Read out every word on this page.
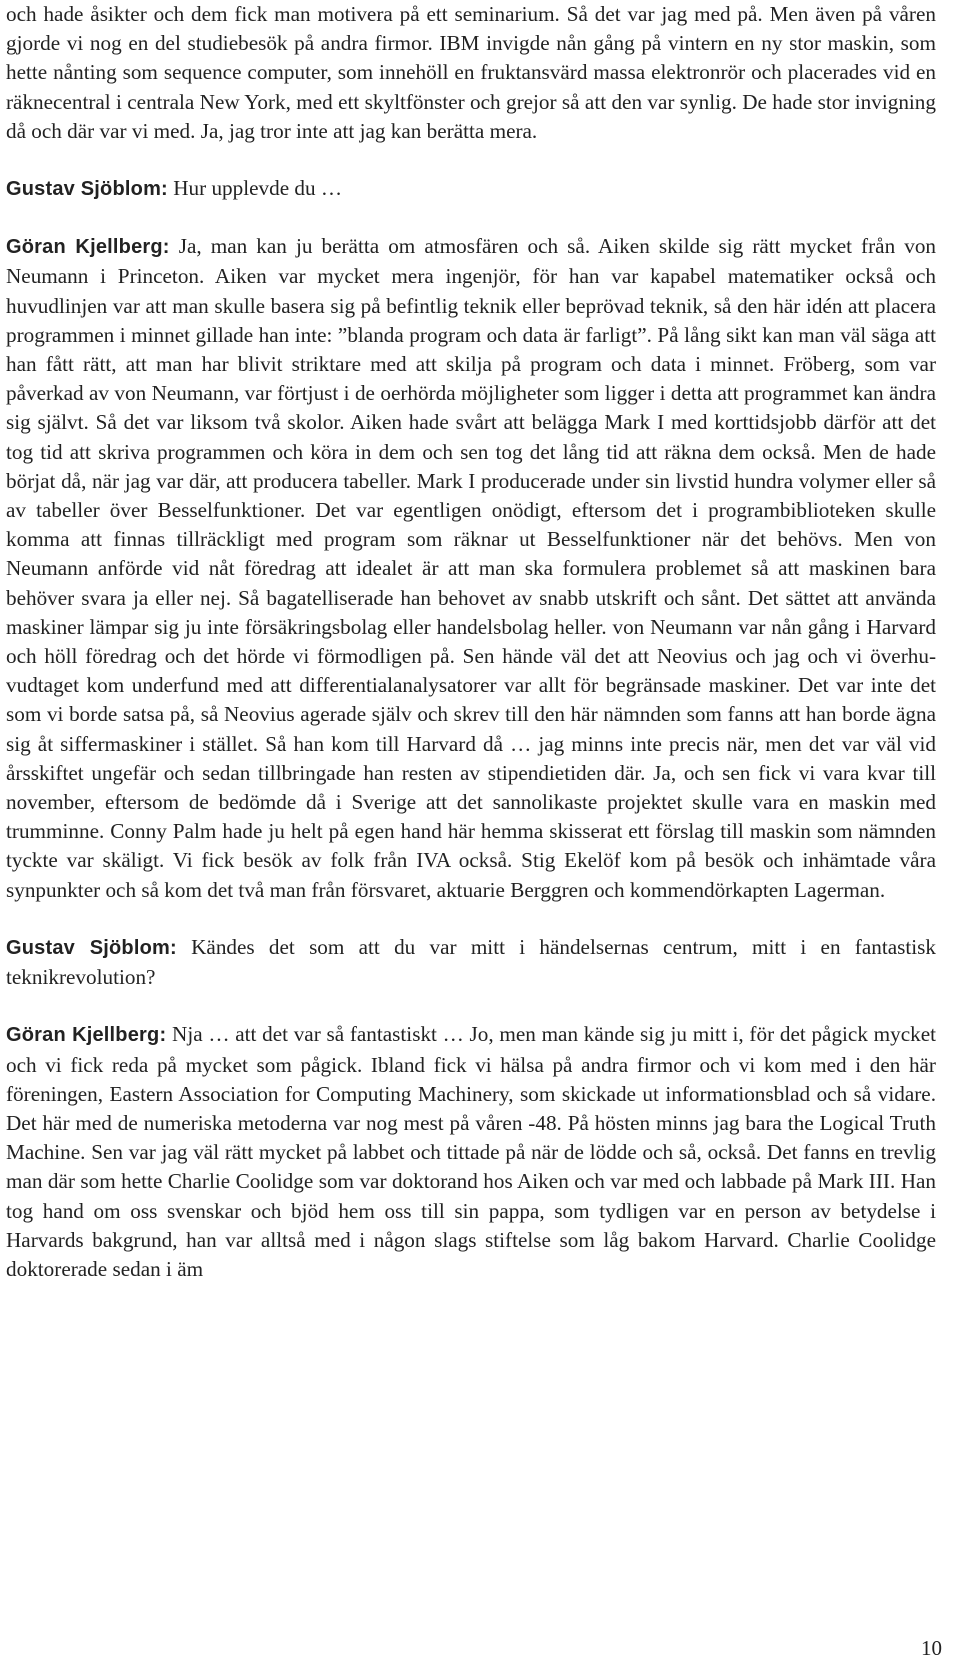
och hade åsikter och dem fick man motivera på ett seminarium. Så det var jag med på. Men även på våren gjorde vi nog en del studiebesök på andra firmor. IBM invigde nån gång på vintern en ny stor maskin, som hette nånting som sequence computer, som innehöll en fruktansvärd massa elektronrör och placerades vid en räknecentral i centrala New York, med ett skyltfönster och grejor så att den var synlig. De hade stor invigning då och där var vi med. Ja, jag tror inte att jag kan berätta mera.

Gustav Sjöblom: Hur upplevde du …

Göran Kjellberg: Ja, man kan ju berätta om atmosfären och så. Aiken skilde sig rätt mycket från von Neumann i Princeton. Aiken var mycket mera ingenjör, för han var kapabel matematiker också och huvudlinjen var att man skulle basera sig på befintlig teknik eller beprövad teknik, så den här idén att placera programmen i minnet gillade han inte: ”blanda program och data är farligt”. På lång sikt kan man väl säga att han fått rätt, att man har blivit striktare med att skilja på program och data i minnet. Fröberg, som var påverkad av von Neumann, var förtjust i de oerhörda möjligheter som ligger i detta att programmet kan ändra sig självt. Så det var liksom två skolor. Aiken hade svårt att belägga Mark I med korttidsjobb därför att det tog tid att skriva programmen och köra in dem och sen tog det lång tid att räkna dem också. Men de hade börjat då, när jag var där, att producera tabeller. Mark I producerade under sin livstid hundra volymer eller så av tabeller över Besselfunktioner. Det var egentligen onödigt, eftersom det i programbiblioteken skulle komma att finnas tillräckligt med program som räknar ut Besselfunktioner när det behövs. Men von Neumann anförde vid nåt föredrag att idealet är att man ska formulera problemet så att maskinen bara behöver svara ja eller nej. Så bagatelliserade han behovet av snabb utskrift och sånt. Det sättet att använda maskiner lämpar sig ju inte försäkringsbolag eller handelsbolag heller. von Neumann var nån gång i Harvard och höll föredrag och det hörde vi förmodligen på. Sen hände väl det att Neovius och jag och vi överhuvudtaget kom underfund med att differentialanalysatorer var allt för begränsade maskiner. Det var inte det som vi borde satsa på, så Neovius agerade själv och skrev till den här nämnden som fanns att han borde ägna sig åt siffermaskiner i stället. Så han kom till Harvard då … jag minns inte precis när, men det var väl vid årsskiftet ungefär och sedan tillbringade han resten av stipendietiden där. Ja, och sen fick vi vara kvar till november, eftersom de bedömde då i Sverige att det sannolikaste projektet skulle vara en maskin med trumminne. Conny Palm hade ju helt på egen hand här hemma skisserat ett förslag till maskin som nämnden tyckte var skäligt. Vi fick besök av folk från IVA också. Stig Ekelöf kom på besök och inhämtade våra synpunkter och så kom det två man från försvaret, aktuarie Berggren och kommendörkapten Lagerman.

Gustav Sjöblom: Kändes det som att du var mitt i händelsernas centrum, mitt i en fantastisk teknikrevolution?

Göran Kjellberg: Nja … att det var så fantastiskt … Jo, men man kände sig ju mitt i, för det pågick mycket och vi fick reda på mycket som pågick. Ibland fick vi hälsa på andra firmor och vi kom med i den här föreningen, Eastern Association for Computing Machinery, som skickade ut informationsblad och så vidare. Det här med de numeriska metoderna var nog mest på våren -48. På hösten minns jag bara the Logical Truth Machine. Sen var jag väl rätt mycket på labbet och tittade på när de lödde och så, också. Det fanns en trevlig man där som hette Charlie Coolidge som var doktorand hos Aiken och var med och labbade på Mark III. Han tog hand om oss svenskar och bjöd hem oss till sin pappa, som tydligen var en person av betydelse i Harvards bakgrund, han var alltså med i någon slags stiftelse som låg bakom Harvard. Charlie Coolidge doktorerade sedan i äm

10
